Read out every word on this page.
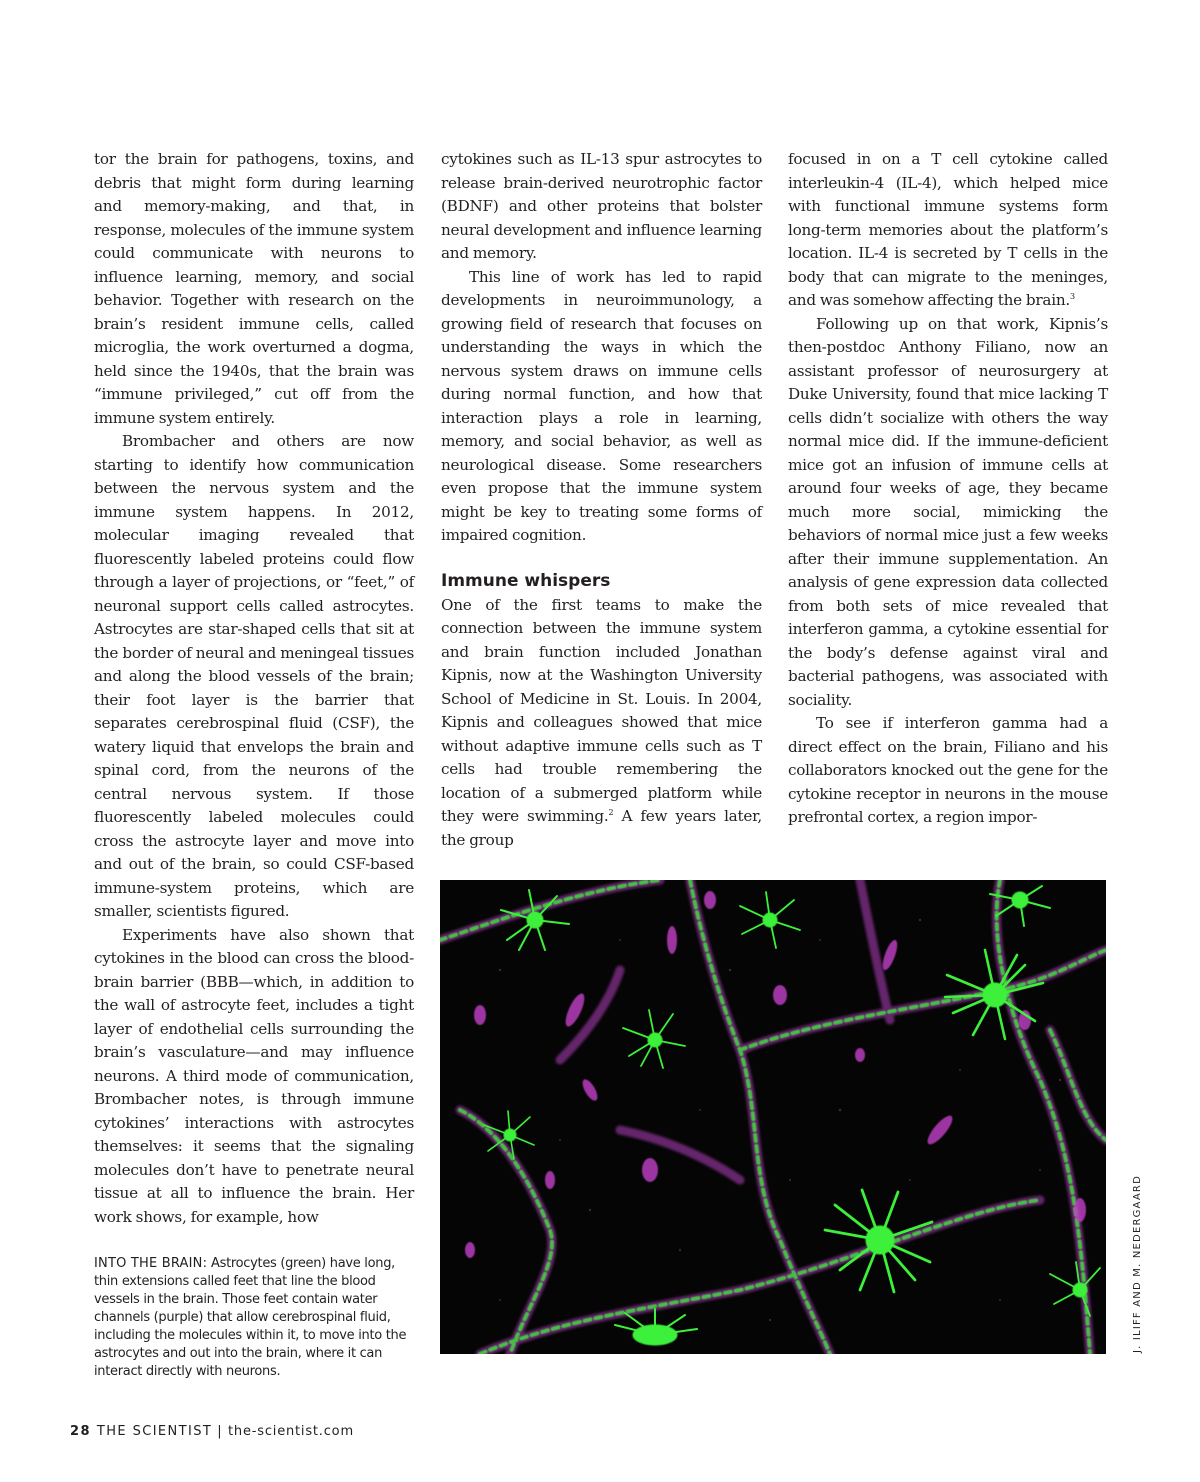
tor the brain for pathogens, toxins, and debris that might form during learning and memory-making, and that, in response, molecules of the immune system could communicate with neurons to influence learning, memory, and social behavior. Together with research on the brain’s resident immune cells, called microglia, the work overturned a dogma, held since the 1940s, that the brain was “immune privileged,” cut off from the immune system entirely.

Brombacher and others are now starting to identify how communication between the nervous system and the immune system happens. In 2012, molecular imaging revealed that fluorescently labeled proteins could flow through a layer of projections, or “feet,” of neuronal support cells called astrocytes. Astrocytes are star-shaped cells that sit at the border of neural and meningeal tissues and along the blood vessels of the brain; their foot layer is the barrier that separates cerebrospinal fluid (CSF), the watery liquid that envelops the brain and spinal cord, from the neurons of the central nervous system. If those fluorescently labeled molecules could cross the astrocyte layer and move into and out of the brain, so could CSF-based immune-system proteins, which are smaller, scientists figured.

Experiments have also shown that cytokines in the blood can cross the blood-brain barrier (BBB—which, in addition to the wall of astrocyte feet, includes a tight layer of endothelial cells surrounding the brain’s vasculature—and may influence neurons. A third mode of communication, Brombacher notes, is through immune cytokines’ interactions with astrocytes themselves: it seems that the signaling molecules don’t have to penetrate neural tissue at all to influence the brain. Her work shows, for example, how

cytokines such as IL-13 spur astrocytes to release brain-derived neurotrophic factor (BDNF) and other proteins that bolster neural development and influence learning and memory.

This line of work has led to rapid developments in neuroimmunology, a growing field of research that focuses on understanding the ways in which the nervous system draws on immune cells during normal function, and how that interaction plays a role in learning, memory, and social behavior, as well as neurological disease. Some researchers even propose that the immune system might be key to treating some forms of impaired cognition.

Immune whispers

One of the first teams to make the connection between the immune system and brain function included Jonathan Kipnis, now at the Washington University School of Medicine in St. Louis. In 2004, Kipnis and colleagues showed that mice without adaptive immune cells such as T cells had trouble remembering the location of a submerged platform while they were swimming.$^2$ A few years later, the group

focused in on a T cell cytokine called interleukin-4 (IL-4), which helped mice with functional immune systems form long-term memories about the platform’s location. IL-4 is secreted by T cells in the body that can migrate to the meninges, and was somehow affecting the brain.$^3$

Following up on that work, Kipnis’s then-postdoc Anthony Filiano, now an assistant professor of neurosurgery at Duke University, found that mice lacking T cells didn’t socialize with others the way normal mice did. If the immune-deficient mice got an infusion of immune cells at around four weeks of age, they became much more social, mimicking the behaviors of normal mice just a few weeks after their immune supplementation. An analysis of gene expression data collected from both sets of mice revealed that interferon gamma, a cytokine essential for the body’s defense against viral and bacterial pathogens, was associated with sociality.

To see if interferon gamma had a direct effect on the brain, Filiano and his collaborators knocked out the gene for the cytokine receptor in neurons in the mouse prefrontal cortex, a region impor-

J. ILIFF AND M. NEDERGAARD
INTO THE BRAIN: Astrocytes (green) have long, thin extensions called feet that line the blood vessels in the brain. Those feet contain water channels (purple) that allow cerebrospinal fluid, including the molecules within it, to move into the astrocytes and out into the brain, where it can interact directly with neurons.
28 THE SCIENTIST | the-scientist.com
